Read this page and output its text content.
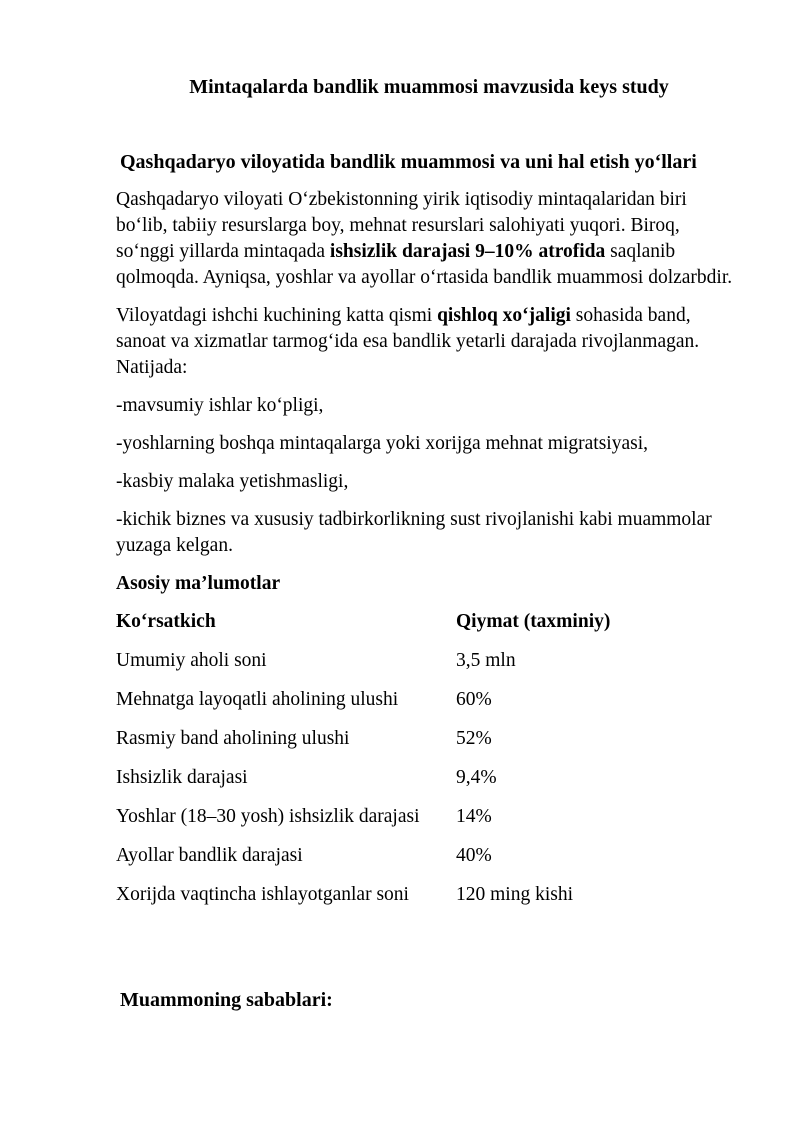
Mintaqalarda bandlik muammosi mavzusida keys study
Qashqadaryo viloyatida bandlik muammosi va uni hal etish yo‘llari

Qashqadaryo viloyati O‘zbekistonning yirik iqtisodiy mintaqalaridan biri bo‘lib, tabiiy resurslarga boy, mehnat resurslari salohiyati yuqori. Biroq, so‘nggi yillarda mintaqada ishsizlik darajasi 9–10% atrofida saqlanib qolmoqda. Ayniqsa, yoshlar va ayollar o‘rtasida bandlik muammosi dolzarbdir.

Viloyatdagi ishchi kuchining katta qismi qishloq xo‘jaligi sohasida band, sanoat va xizmatlar tarmog‘ida esa bandlik yetarli darajada rivojlanmagan. Natijada:

-mavsumiy ishlar ko‘pligi,

-yoshlarning boshqa mintaqalarga yoki xorijga mehnat migratsiyasi,

-kasbiy malaka yetishmasligi,

-kichik biznes va xususiy tadbirkorlikning sust rivojlanishi kabi muammolar yuzaga kelgan.

Asosiy ma’lumotlar
Ko‘rsatkich	Qiymat (taxminiy)
Umumiy aholi soni	3,5 mln
Mehnatga layoqatli aholining ulushi	60%
Rasmiy band aholining ulushi	52%
Ishsizlik darajasi	9,4%
Yoshlar (18–30 yosh) ishsizlik darajasi	14%
Ayollar bandlik darajasi	40%
Xorijda vaqtincha ishlayotganlar soni	120 ming kishi
Muammoning sabablari:
